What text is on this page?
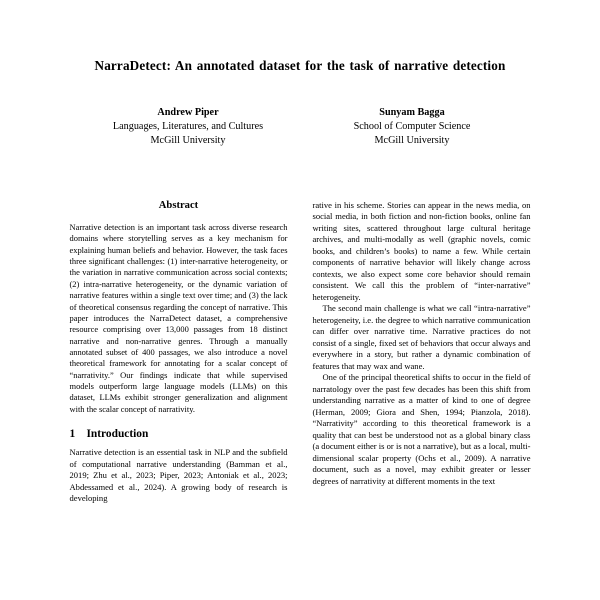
NarraDetect: An annotated dataset for the task of narrative detection
Andrew Piper
Languages, Literatures, and Cultures
McGill University
Sunyam Bagga
School of Computer Science
McGill University
Abstract

Narrative detection is an important task across diverse research domains where storytelling serves as a key mechanism for explaining human beliefs and behavior. However, the task faces three significant challenges: (1) inter-narrative heterogeneity, or the variation in narrative communication across social contexts; (2) intra-narrative heterogeneity, or the dynamic variation of narrative features within a single text over time; and (3) the lack of theoretical consensus regarding the concept of narrative. This paper introduces the NarraDetect dataset, a comprehensive resource comprising over 13,000 passages from 18 distinct narrative and non-narrative genres. Through a manually annotated subset of 400 passages, we also introduce a novel theoretical framework for annotating for a scalar concept of “narrativity.” Our findings indicate that while supervised models outperform large language models (LLMs) on this dataset, LLMs exhibit stronger generalization and alignment with the scalar concept of narrativity.

1 Introduction

Narrative detection is an essential task in NLP and the subfield of computational narrative understanding (Bamman et al., 2019; Zhu et al., 2023; Piper, 2023; Antoniak et al., 2023; Abdessamed et al., 2024). A growing body of research is developing

rative in his scheme. Stories can appear in the news media, on social media, in both fiction and non-fiction books, online fan writing sites, scattered throughout large cultural heritage archives, and multi-modally as well (graphic novels, comic books, and children’s books) to name a few. While certain components of narrative behavior will likely change across contexts, we also expect some core behavior should remain consistent. We call this the problem of “inter-narrative” heterogeneity.

The second main challenge is what we call “intra-narrative” heterogeneity, i.e. the degree to which narrative communication can differ over narrative time. Narrative practices do not consist of a single, fixed set of behaviors that occur always and everywhere in a story, but rather a dynamic combination of features that may wax and wane.

One of the principal theoretical shifts to occur in the field of narratology over the past few decades has been this shift from understanding narrative as a matter of kind to one of degree (Herman, 2009; Giora and Shen, 1994; Pianzola, 2018). “Narrativity” according to this theoretical framework is a quality that can best be understood not as a global binary class (a document either is or is not a narrative), but as a local, multi-dimensional scalar property (Ochs et al., 2009). A narrative document, such as a novel, may exhibit greater or lesser degrees of narrativity at different moments in the text
